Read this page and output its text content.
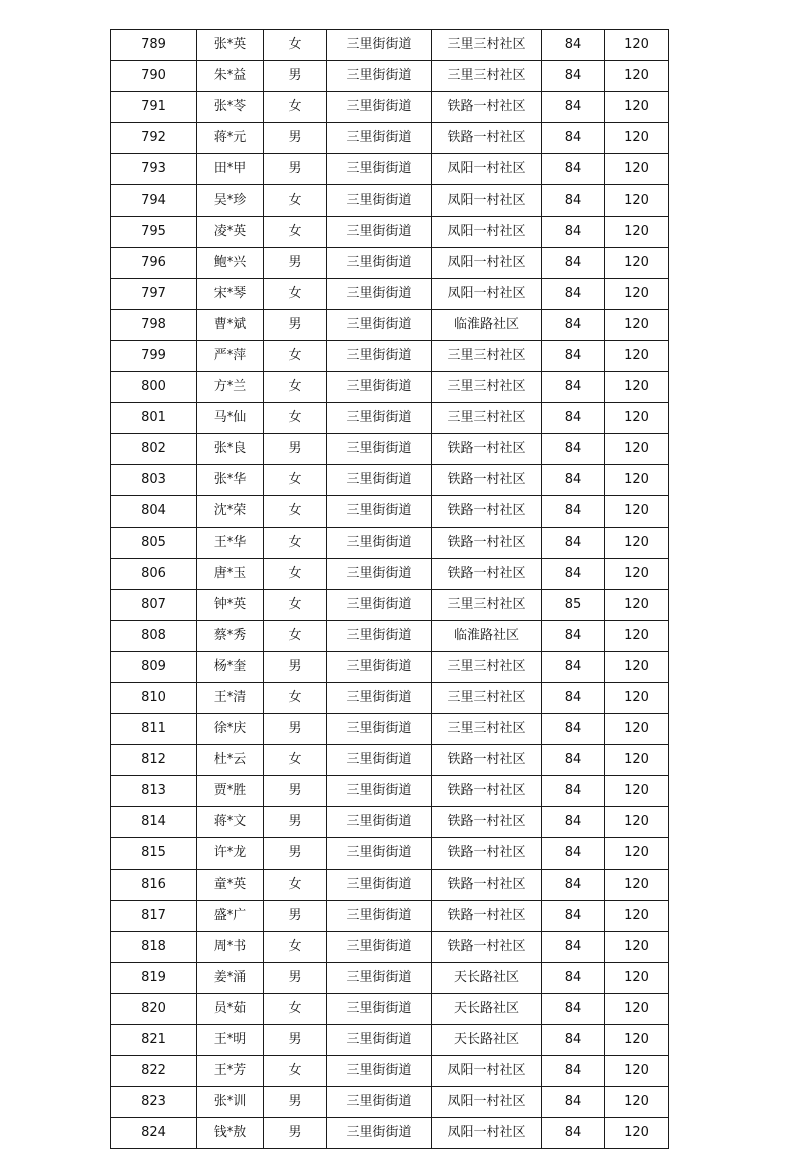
789	张*英	女	三里街街道	三里三村社区	84	120
790	朱*益	男	三里街街道	三里三村社区	84	120
791	张*苓	女	三里街街道	铁路一村社区	84	120
792	蒋*元	男	三里街街道	铁路一村社区	84	120
793	田*甲	男	三里街街道	凤阳一村社区	84	120
794	吴*珍	女	三里街街道	凤阳一村社区	84	120
795	凌*英	女	三里街街道	凤阳一村社区	84	120
796	鲍*兴	男	三里街街道	凤阳一村社区	84	120
797	宋*琴	女	三里街街道	凤阳一村社区	84	120
798	曹*斌	男	三里街街道	临淮路社区	84	120
799	严*萍	女	三里街街道	三里三村社区	84	120
800	方*兰	女	三里街街道	三里三村社区	84	120
801	马*仙	女	三里街街道	三里三村社区	84	120
802	张*良	男	三里街街道	铁路一村社区	84	120
803	张*华	女	三里街街道	铁路一村社区	84	120
804	沈*荣	女	三里街街道	铁路一村社区	84	120
805	王*华	女	三里街街道	铁路一村社区	84	120
806	唐*玉	女	三里街街道	铁路一村社区	84	120
807	钟*英	女	三里街街道	三里三村社区	85	120
808	蔡*秀	女	三里街街道	临淮路社区	84	120
809	杨*奎	男	三里街街道	三里三村社区	84	120
810	王*清	女	三里街街道	三里三村社区	84	120
811	徐*庆	男	三里街街道	三里三村社区	84	120
812	杜*云	女	三里街街道	铁路一村社区	84	120
813	贾*胜	男	三里街街道	铁路一村社区	84	120
814	蒋*文	男	三里街街道	铁路一村社区	84	120
815	许*龙	男	三里街街道	铁路一村社区	84	120
816	童*英	女	三里街街道	铁路一村社区	84	120
817	盛*广	男	三里街街道	铁路一村社区	84	120
818	周*书	女	三里街街道	铁路一村社区	84	120
819	姜*涌	男	三里街街道	天长路社区	84	120
820	员*茹	女	三里街街道	天长路社区	84	120
821	王*明	男	三里街街道	天长路社区	84	120
822	王*芳	女	三里街街道	凤阳一村社区	84	120
823	张*训	男	三里街街道	凤阳一村社区	84	120
824	钱*敖	男	三里街街道	凤阳一村社区	84	120
